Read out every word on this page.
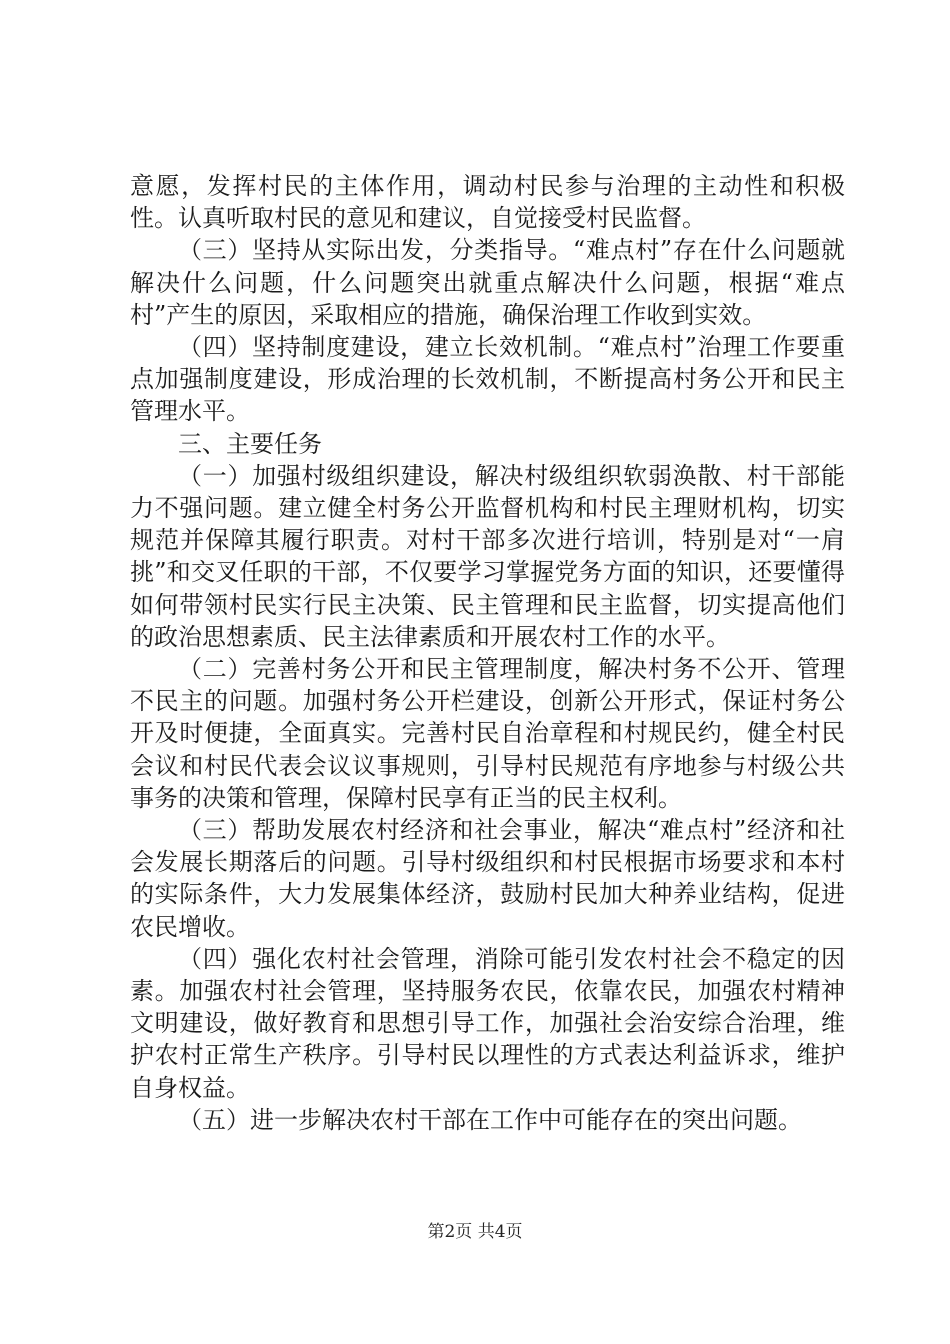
意愿，发挥村民的主体作用，调动村民参与治理的主动性和积极性。认真听取村民的意见和建议，自觉接受村民监督。

（三）坚持从实际出发，分类指导。“难点村”存在什么问题就解决什么问题，什么问题突出就重点解决什么问题，根据“难点村”产生的原因，采取相应的措施，确保治理工作收到实效。

（四）坚持制度建设，建立长效机制。“难点村”治理工作要重点加强制度建设，形成治理的长效机制，不断提高村务公开和民主管理水平。

三、主要任务

（一）加强村级组织建设，解决村级组织软弱涣散、村干部能力不强问题。建立健全村务公开监督机构和村民主理财机构，切实规范并保障其履行职责。对村干部多次进行培训，特别是对“一肩挑”和交叉任职的干部，不仅要学习掌握党务方面的知识，还要懂得如何带领村民实行民主决策、民主管理和民主监督，切实提高他们的政治思想素质、民主法律素质和开展农村工作的水平。

（二）完善村务公开和民主管理制度，解决村务不公开、管理不民主的问题。加强村务公开栏建设，创新公开形式，保证村务公开及时便捷，全面真实。完善村民自治章程和村规民约，健全村民会议和村民代表会议议事规则，引导村民规范有序地参与村级公共事务的决策和管理，保障村民享有正当的民主权利。

（三）帮助发展农村经济和社会事业，解决“难点村”经济和社会发展长期落后的问题。引导村级组织和村民根据市场要求和本村的实际条件，大力发展集体经济，鼓励村民加大种养业结构，促进农民增收。

（四）强化农村社会管理，消除可能引发农村社会不稳定的因素。加强农村社会管理，坚持服务农民，依靠农民，加强农村精神文明建设，做好教育和思想引导工作，加强社会治安综合治理，维护农村正常生产秩序。引导村民以理性的方式表达利益诉求，维护自身权益。

（五）进一步解决农村干部在工作中可能存在的突出问题。

第2页 共4页
